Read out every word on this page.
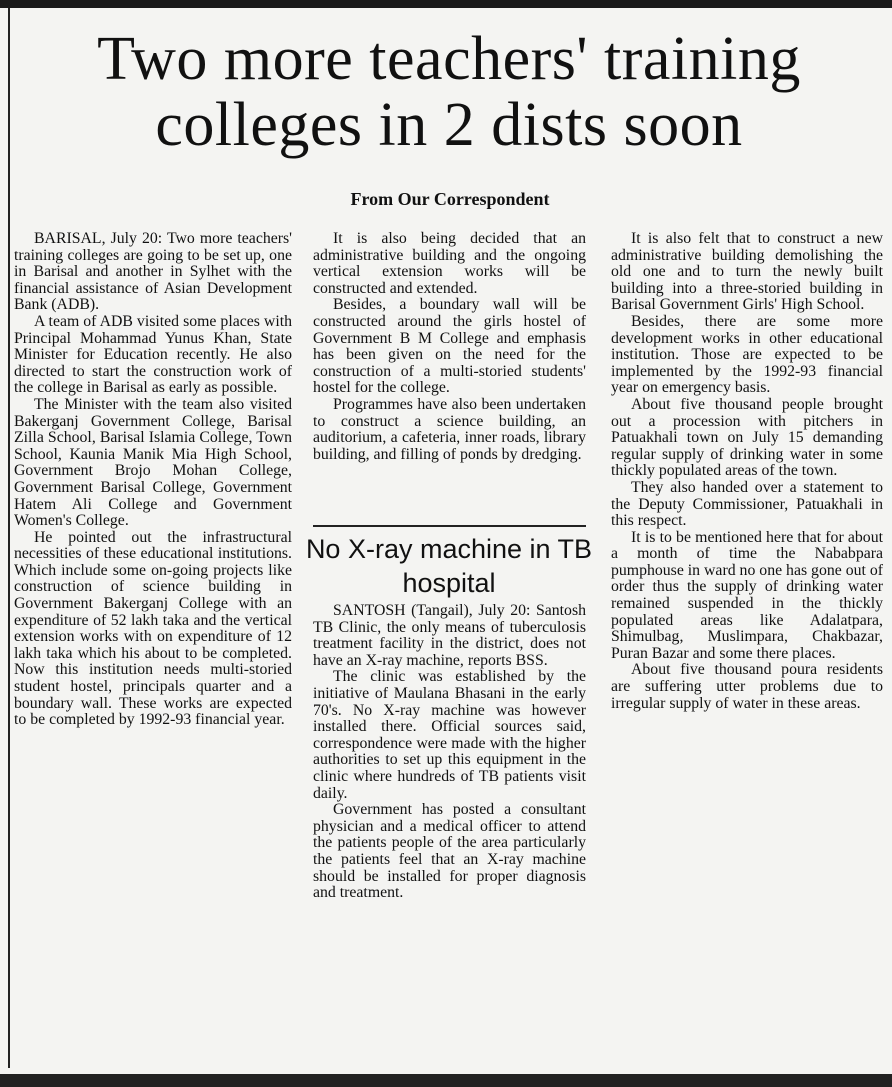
Two more teachers' training colleges in 2 dists soon
From Our Correspondent

BARISAL, July 20: Two more teachers' training colleges are going to be set up, one in Barisal and another in Sylhet with the financial assistance of Asian Development Bank (ADB).

A team of ADB visited some places with Principal Mohammad Yunus Khan, State Minister for Education recently. He also directed to start the construction work of the college in Barisal as early as possible.

The Minister with the team also visited Bakerganj Government College, Barisal Zilla School, Barisal Islamia College, Town School, Kaunia Manik Mia High School, Government Brojo Mohan College, Government Barisal College, Government Hatem Ali College and Government Women's College.

He pointed out the infrastructural necessities of these educational institutions. Which include some on-going projects like construction of science building in Government Bakerganj College with an expenditure of 52 lakh taka and the vertical extension works with on expenditure of 12 lakh taka which his about to be completed. Now this institution needs multi-storied student hostel, principals quarter and a boundary wall. These works are expected to be completed by 1992-93 financial year.

It is also being decided that an administrative building and the ongoing vertical extension works will be constructed and extended.

Besides, a boundary wall will be constructed around the girls hostel of Government B M College and emphasis has been given on the need for the construction of a multi-storied students' hostel for the college.

Programmes have also been undertaken to construct a science building, an auditorium, a cafeteria, inner roads, library building, and filling of ponds by dredging.

No X-ray machine in TB hospital

SANTOSH (Tangail), July 20: Santosh TB Clinic, the only means of tuberculosis treatment facility in the district, does not have an X-ray machine, reports BSS.

The clinic was established by the initiative of Maulana Bhasani in the early 70's. No X-ray machine was however installed there. Official sources said, correspondence were made with the higher authorities to set up this equipment in the clinic where hundreds of TB patients visit daily.

Government has posted a consultant physician and a medical officer to attend the patients people of the area particularly the patients feel that an X-ray machine should be installed for proper diagnosis and treatment.

It is also felt that to construct a new administrative building demolishing the old one and to turn the newly built building into a three-storied building in Barisal Government Girls' High School.

Besides, there are some more development works in other educational institution. Those are expected to be implemented by the 1992-93 financial year on emergency basis.

About five thousand people brought out a procession with pitchers in Patuakhali town on July 15 demanding regular supply of drinking water in some thickly populated areas of the town.

They also handed over a statement to the Deputy Commissioner, Patuakhali in this respect.

It is to be mentioned here that for about a month of time the Nababpara pumphouse in ward no one has gone out of order thus the supply of drinking water remained suspended in the thickly populated areas like Adalatpara, Shimulbag, Muslimpara, Chakbazar, Puran Bazar and some there places.

About five thousand poura residents are suffering utter problems due to irregular supply of water in these areas.
